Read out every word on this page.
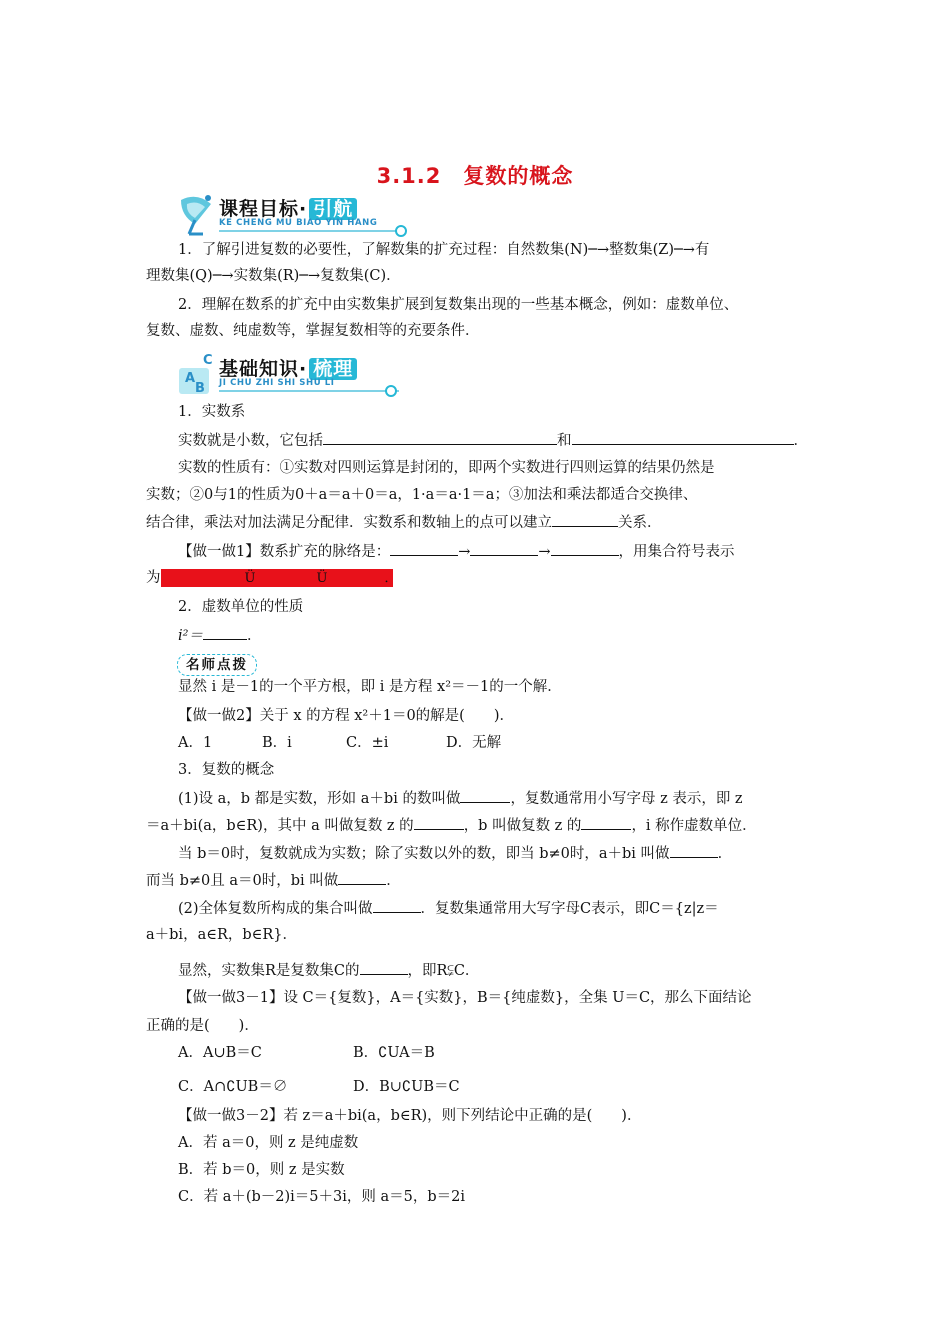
3.1.2　复数的概念
课程目标· 引航
KE CHENG MU BIAO YIN HANG
1．了解引进复数的必要性，了解数集的扩充过程：自然数集(N)─→整数集(Z)─→有
理数集(Q)─→实数集(R)─→复数集(C)．
2．理解在数系的扩充中由实数集扩展到复数集出现的一些基本概念，例如：虚数单位、
复数、虚数、纯虚数等，掌握复数相等的充要条件．
C
A
B
基础知识· 梳理
JI CHU ZHI SHI SHU LI
1．实数系
实数就是小数，它包括	和	．
实数的性质有：①实数对四则运算是封闭的，即两个实数进行四则运算的结果仍然是
实数；②0与1的性质为0＋a＝a＋0＝a，1·a＝a·1＝a；③加法和乘法都适合交换律、
结合律，乘法对加法满足分配律．实数系和数轴上的点可以建立	关系．
【做一做1】数系扩充的脉络是：	→	→	，用集合符号表示
为	Ü	Ü	．
2．虚数单位的性质
i²＝	．
名师点拨
显然 i 是－1的一个平方根，即 i 是方程 x²＝－1的一个解．
【做一做2】关于 x 的方程 x²＋1＝0的解是(　　)．
A．1	B．i	C．±i	D．无解
3．复数的概念
(1)设 a，b 都是实数，形如 a＋bi 的数叫做	，复数通常用小写字母 z 表示，即 z
＝a＋bi(a，b∈R)，其中 a 叫做复数 z 的	，b 叫做复数 z 的	，i 称作虚数单位．
当 b＝0时，复数就成为实数；除了实数以外的数，即当 b≠0时，a＋bi 叫做	．
而当 b≠0且 a＝0时，bi 叫做	．
(2)全体复数所构成的集合叫做	．复数集通常用大写字母C表示，即C＝{z|z＝
a＋bi，a∈R，b∈R}．
显然，实数集R是复数集C的	，即R⫋C．
【做一做3－1】设 C＝{复数}，A＝{实数}，B＝{纯虚数}，全集 U＝C，那么下面结论
正确的是(　　)．
A．A∪B＝C	B．∁UA＝B
C．A∩∁UB＝∅	D．B∪∁UB＝C
【做一做3－2】若 z＝a＋bi(a，b∈R)，则下列结论中正确的是(　　)．
A．若 a＝0，则 z 是纯虚数
B．若 b＝0，则 z 是实数
C．若 a＋(b－2)i＝5＋3i，则 a＝5，b＝2i
